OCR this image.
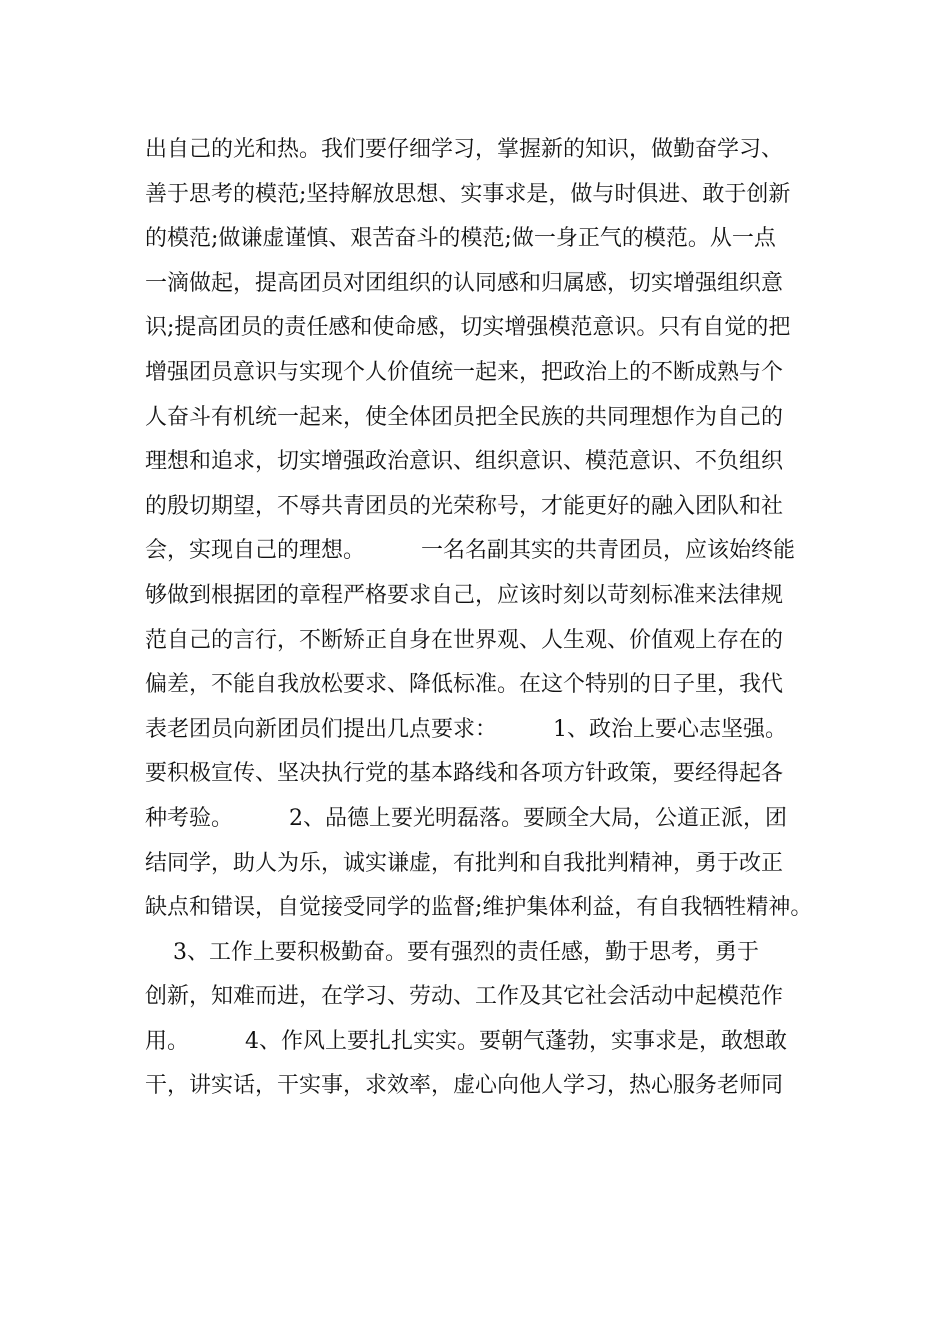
出自己的光和热。我们要仔细学习，掌握新的知识，做勤奋学习、
善于思考的模范;坚持解放思想、实事求是，做与时俱进、敢于创新
的模范;做谦虚谨慎、艰苦奋斗的模范;做一身正气的模范。从一点
一滴做起，提高团员对团组织的认同感和归属感，切实增强组织意
识;提高团员的责任感和使命感，切实增强模范意识。只有自觉的把
增强团员意识与实现个人价值统一起来，把政治上的不断成熟与个
人奋斗有机统一起来，使全体团员把全民族的共同理想作为自己的
理想和追求，切实增强政治意识、组织意识、模范意识、不负组织
的殷切期望，不辱共青团员的光荣称号，才能更好的融入团队和社
会，实现自己的理想。        一名名副其实的共青团员，应该始终能
够做到根据团的章程严格要求自己，应该时刻以苛刻标准来法律规
范自己的言行，不断矫正自身在世界观、人生观、价值观上存在的
偏差，不能自我放松要求、降低标准。在这个特别的日子里，我代
表老团员向新团员们提出几点要求：        1、政治上要心志坚强。
要积极宣传、坚决执行党的基本路线和各项方针政策，要经得起各
种考验。        2、品德上要光明磊落。要顾全大局，公道正派，团
结同学，助人为乐，诚实谦虚，有批判和自我批判精神，勇于改正
缺点和错误，自觉接受同学的监督;维护集体利益，有自我牺牲精神。
3、工作上要积极勤奋。要有强烈的责任感，勤于思考，勇于
创新，知难而进，在学习、劳动、工作及其它社会活动中起模范作
用。        4、作风上要扎扎实实。要朝气蓬勃，实事求是，敢想敢
干，讲实话，干实事，求效率，虚心向他人学习，热心服务老师同
